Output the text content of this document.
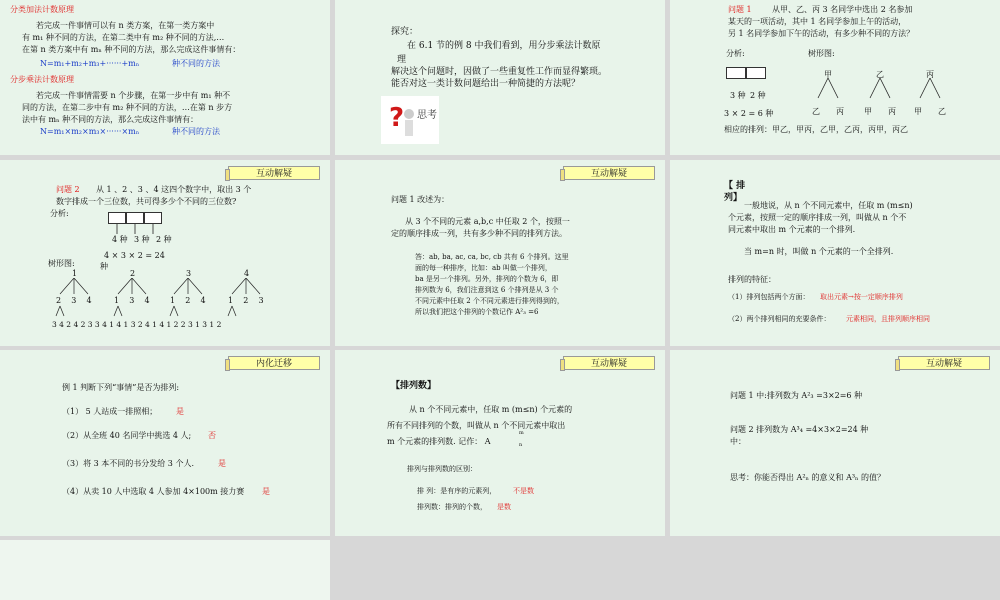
分类加法计数原理
若完成一件事情可以有 n 类方案，在第一类方案中
有 m₁ 种不同的方法，在第二类中有 m₂ 种不同的方法,…
在第 n 类方案中有 mₙ 种不同的方法，那么完成这件事情有：
N=m₁+m₂+m₃+······+mₙ	种不同的方法
分步乘法计数原理
若完成一件事情需要 n 个步骤，在第一步中有 m₁ 种不
同的方法，在第二步中有 m₂ 种不同的方法，…在第 n 步方
法中有 mₙ 种不同的方法，那么完成这件事情有：
N=m₁×m₂×m₃×······×mₙ	种不同的方法
探究：
在 6.1 节的例 8 中我们看到，用分步乘法计数原
理
解决这个问题时，因做了一些重复性工作而显得繁琐。
能否对这一类计数问题给出一种简捷的方法呢？
? 思考
问题 1	从甲、乙、丙 3 名同学中选出 2 名参加
某天的一项活动，其中 1 名同学参加上午的活动，
另 1 名同学参加下午的活动，有多少种不同的方法？
分析:	树形图:
3 种 2 种
3 × 2 = 6 种
甲	乙	丙
乙 丙	甲 丙 甲 乙
相应的排列：甲乙，甲丙，乙甲，乙丙，丙甲，丙乙
互动解疑
问题 2 从 1 、2 、3 、4 这四个数字中，取出 3 个
数字排成一个三位数，共可得多少个不同的三位数?
分析:
4 种 3 种 2 种
4 × 3 × 2 = 24
种
树形图:
1	2	3	4
2 3 4	1 3 4	1 2 4	1 2 3
3 4 2 4 2 3 3 4 1 4 1 3 2 4 1 4 1 2 2 3 1 3 1 2
互动解疑
问题 1 改述为：
从 3 个不同的元素 a,b,c 中任取 2 个，按照一
定的顺序排成一列，共有多少种不同的排列方法。
答：ab, ba, ac, ca, bc, cb 共有 6 个排列。这里
面的每一种排序，比如：ab 叫做一个排列，
ba 是另一个排列。另外，排列的个数为 6，即
排列数为 6，我们注意到这 6 个排列是从 3 个
不同元素中任取 2 个不同元素进行排列得到的，
所以我们把这个排列的个数记作 A²₃ =6
【 排
列】
一般地说，从 n 个不同元素中，任取 m (m≤n)
个元素，按照一定的顺序排成一列，叫做从 n 个不
同元素中取出 m 个元素的一个排列.
当 m=n 时，叫做 n 个元素的一个全排列.
排列的特征：
（1）排列包括两个方面： 取出元素→按一定顺序排列
（2）两个排列相同的充要条件： 元素相同，且排列顺序相同
内化迁移
例 1 判断下列“事情”是否为排列:
（1） 5 人站成一排照相； 是
（2）从全班 40 名同学中挑选 4 人; 否
（3）将 3 本不同的书分发给 3 个人.	是
（4）从卖 10 人中选取 4 人参加 4×100m 接力赛 是
互动解疑
【排列数】
从 n 个不同元素中，任取 m (m≤n) 个元素的
所有不同排列的个数，叫做从 n 个不同元素中取出
m 个元素的排列数. 记作： A
m
n
排列与排列数的区别：
排 列：是有序的元素列， 不是数
排列数：排列的个数， 是数
互动解疑
问题 1 中:排列数为 A²₃ =3×2=6 种
问题 2 排列数为 A³₄ =4×3×2=24 种
中：
思考：你能否得出 A²ₙ 的意义和 A³ₙ 的值？
